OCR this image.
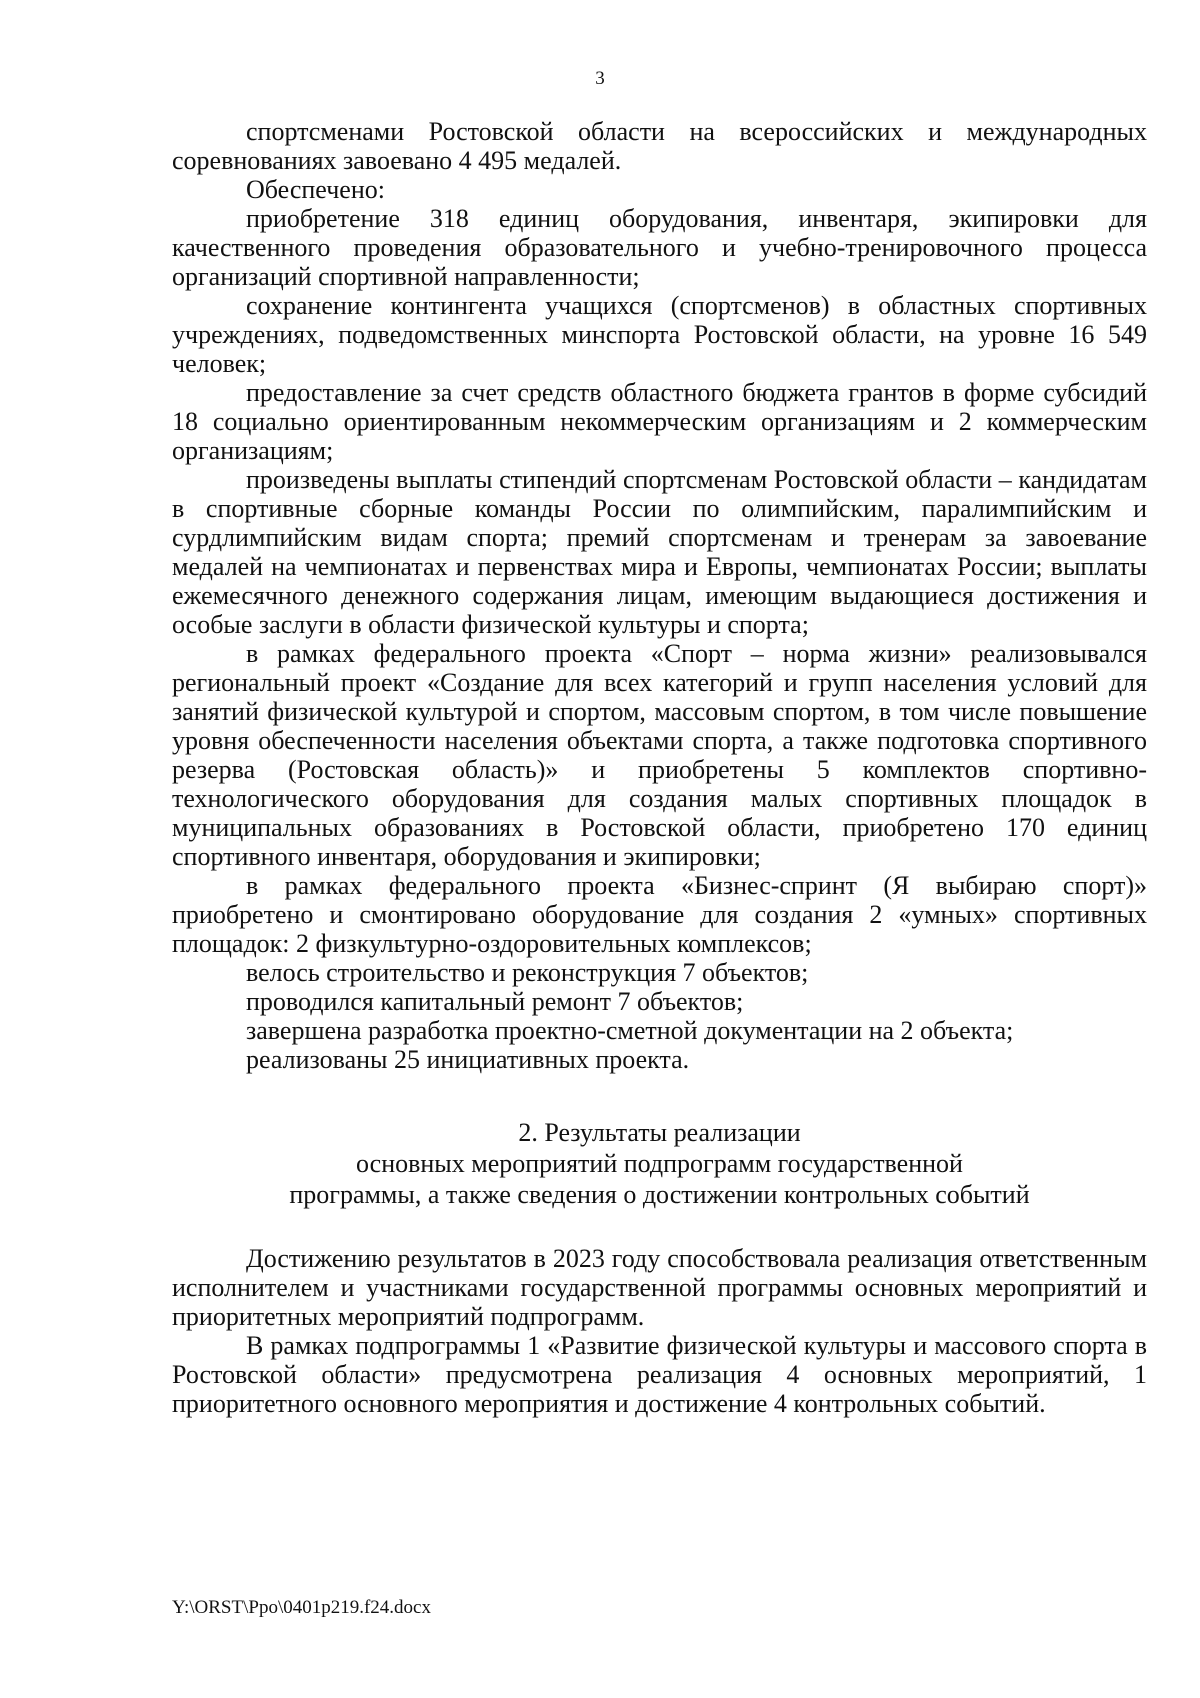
3

спортсменами Ростовской области на всероссийских и международных соревнованиях завоевано 4 495 медалей.

Обеспечено:

приобретение 318 единиц оборудования, инвентаря, экипировки для качественного проведения образовательного и учебно-тренировочного процесса организаций спортивной направленности;

сохранение контингента учащихся (спортсменов) в областных спортивных учреждениях, подведомственных минспорта Ростовской области, на уровне 16 549 человек;

предоставление за счет средств областного бюджета грантов в форме субсидий 18 социально ориентированным некоммерческим организациям и 2 коммерческим организациям;

произведены выплаты стипендий спортсменам Ростовской области – кандидатам в спортивные сборные команды России по олимпийским, паралимпийским и сурдлимпийским видам спорта; премий спортсменам и тренерам за завоевание медалей на чемпионатах и первенствах мира и Европы, чемпионатах России; выплаты ежемесячного денежного содержания лицам, имеющим выдающиеся достижения и особые заслуги в области физической культуры и спорта;

в рамках федерального проекта «Спорт – норма жизни» реализовывался региональный проект «Создание для всех категорий и групп населения условий для занятий физической культурой и спортом, массовым спортом, в том числе повышение уровня обеспеченности населения объектами спорта, а также подготовка спортивного резерва (Ростовская область)» и приобретены 5 комплектов спортивно-технологического оборудования для создания малых спортивных площадок в муниципальных образованиях в Ростовской области, приобретено 170 единиц спортивного инвентаря, оборудования и экипировки;

в рамках федерального проекта «Бизнес-спринт (Я выбираю спорт)» приобретено и смонтировано оборудование для создания 2 «умных» спортивных площадок: 2 физкультурно-оздоровительных комплексов;

велось строительство и реконструкция 7 объектов;

проводился капитальный ремонт 7 объектов;

завершена разработка проектно-сметной документации на 2 объекта;

реализованы 25 инициативных проекта.

2. Результаты реализации
основных мероприятий подпрограмм государственной
программы, а также сведения о достижении контрольных событий

Достижению результатов в 2023 году способствовала реализация ответственным исполнителем и участниками государственной программы основных мероприятий и приоритетных мероприятий подпрограмм.

В рамках подпрограммы 1 «Развитие физической культуры и массового спорта в Ростовской области» предусмотрена реализация 4 основных мероприятий, 1 приоритетного основного мероприятия и достижение 4 контрольных событий.

Y:\ORST\Ppo\0401p219.f24.docx
